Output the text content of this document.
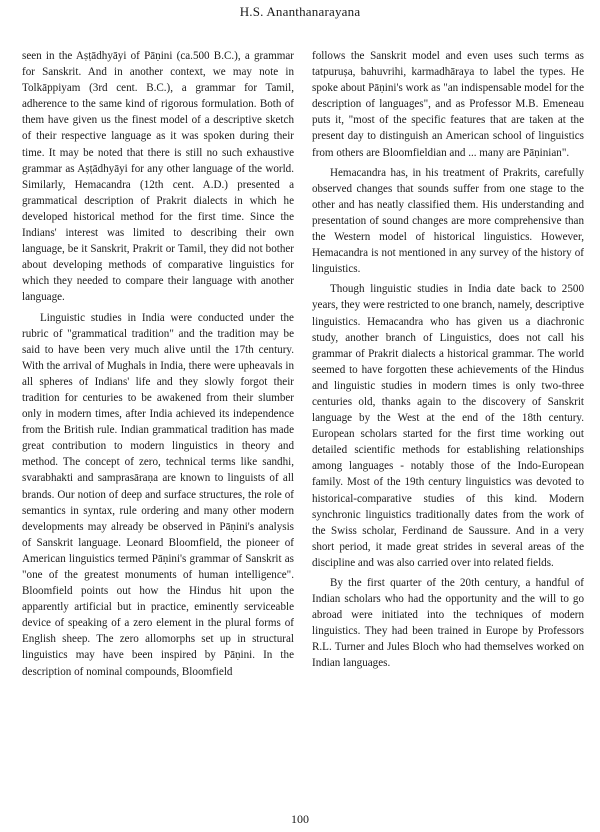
H.S. Ananthanarayana

seen in the Aṣṭādhyāyi of Pāṇini (ca.500 B.C.), a grammar for Sanskrit. And in another context, we may note in Tolkāppiyam (3rd cent. B.C.), a grammar for Tamil, adherence to the same kind of rigorous formulation. Both of them have given us the finest model of a descriptive sketch of their respective language as it was spoken during their time. It may be noted that there is still no such exhaustive grammar as Aṣṭādhyāyi for any other language of the world. Similarly, Hemacandra (12th cent. A.D.) presented a grammatical description of Prakrit dialects in which he developed historical method for the first time. Since the Indians' interest was limited to describing their own language, be it Sanskrit, Prakrit or Tamil, they did not bother about developing methods of comparative linguistics for which they needed to compare their language with another language.

Linguistic studies in India were conducted under the rubric of "grammatical tradition" and the tradition may be said to have been very much alive until the 17th century. With the arrival of Mughals in India, there were upheavals in all spheres of Indians' life and they slowly forgot their tradition for centuries to be awakened from their slumber only in modern times, after India achieved its independence from the British rule. Indian grammatical tradition has made great contribution to modern linguistics in theory and method. The concept of zero, technical terms like sandhi, svarabhakti and samprasāraṇa are known to linguists of all brands. Our notion of deep and surface structures, the role of semantics in syntax, rule ordering and many other modern developments may already be observed in Pāṇini's analysis of Sanskrit language. Leonard Bloomfield, the pioneer of American linguistics termed Pāṇini's grammar of Sanskrit as "one of the greatest monuments of human intelligence". Bloomfield points out how the Hindus hit upon the apparently artificial but in practice, eminently serviceable device of speaking of a zero element in the plural forms of English sheep. The zero allomorphs set up in structural linguistics may have been inspired by Pāṇini. In the description of nominal compounds, Bloomfield

follows the Sanskrit model and even uses such terms as tatpuruṣa, bahuvrihi, karmadhāraya to label the types. He spoke about Pāṇini's work as "an indispensable model for the description of languages", and as Professor M.B. Emeneau puts it, "most of the specific features that are taken at the present day to distinguish an American school of linguistics from others are Bloomfieldian and ... many are Pāṇinian".

Hemacandra has, in his treatment of Prakrits, carefully observed changes that sounds suffer from one stage to the other and has neatly classified them. His understanding and presentation of sound changes are more comprehensive than the Western model of historical linguistics. However, Hemacandra is not mentioned in any survey of the history of linguistics.

Though linguistic studies in India date back to 2500 years, they were restricted to one branch, namely, descriptive linguistics. Hemacandra who has given us a diachronic study, another branch of Linguistics, does not call his grammar of Prakrit dialects a historical grammar. The world seemed to have forgotten these achievements of the Hindus and linguistic studies in modern times is only two-three centuries old, thanks again to the discovery of Sanskrit language by the West at the end of the 18th century. European scholars started for the first time working out detailed scientific methods for establishing relationships among languages - notably those of the Indo-European family. Most of the 19th century linguistics was devoted to historical-comparative studies of this kind. Modern synchronic linguistics traditionally dates from the work of the Swiss scholar, Ferdinand de Saussure. And in a very short period, it made great strides in several areas of the discipline and was also carried over into related fields.

By the first quarter of the 20th century, a handful of Indian scholars who had the opportunity and the will to go abroad were initiated into the techniques of modern linguistics. They had been trained in Europe by Professors R.L. Turner and Jules Bloch who had themselves worked on Indian languages.

100
